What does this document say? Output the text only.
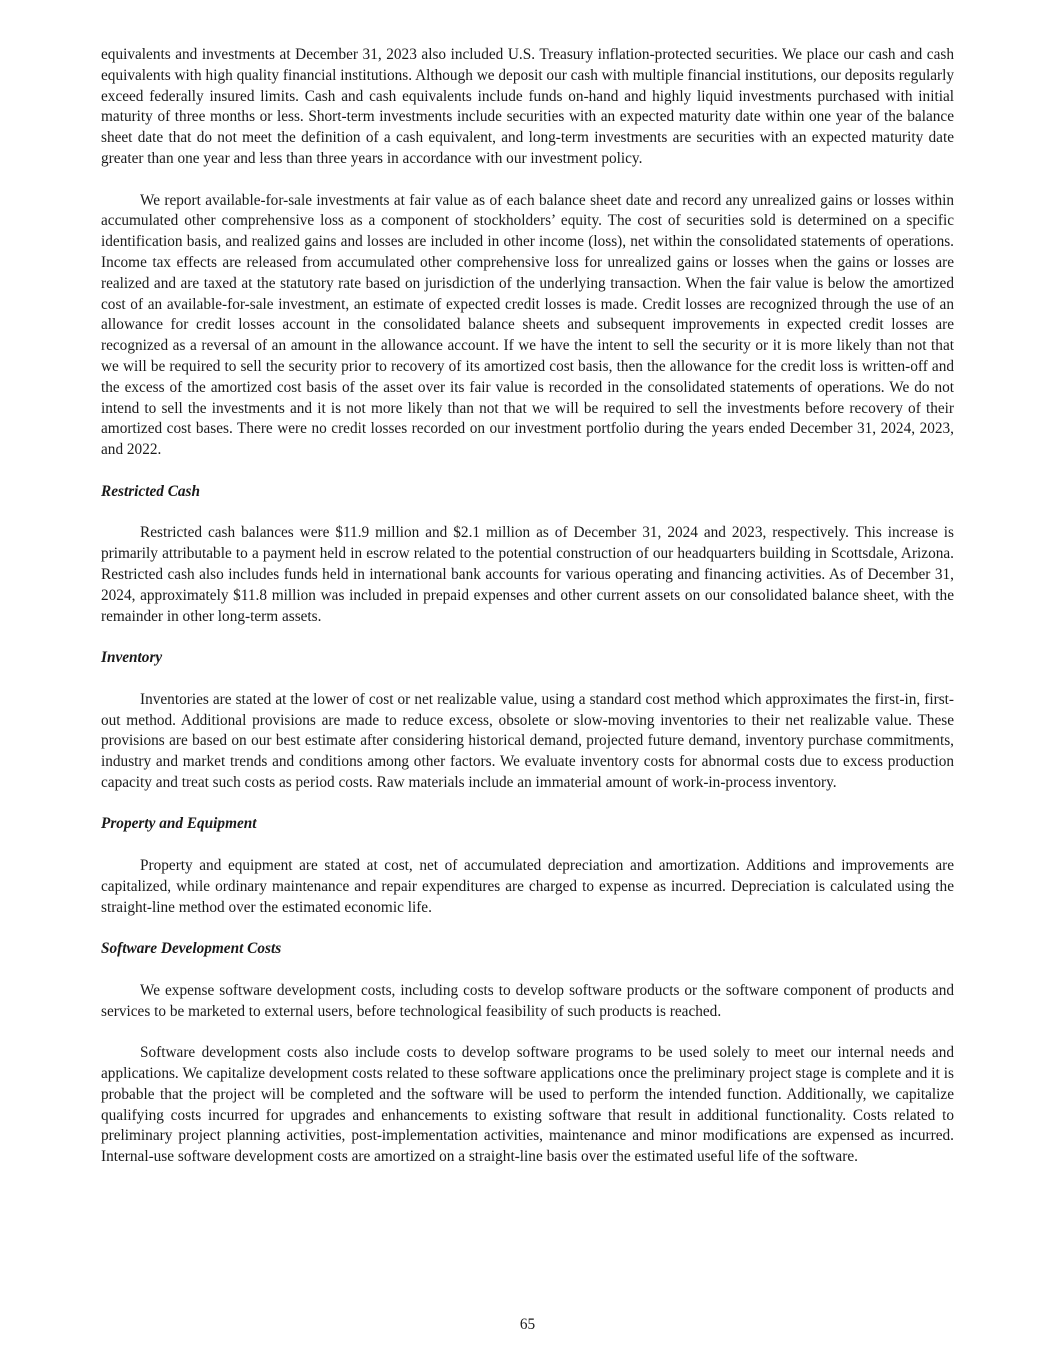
equivalents and investments at December 31, 2023 also included U.S. Treasury inflation-protected securities. We place our cash and cash equivalents with high quality financial institutions. Although we deposit our cash with multiple financial institutions, our deposits regularly exceed federally insured limits. Cash and cash equivalents include funds on-hand and highly liquid investments purchased with initial maturity of three months or less. Short-term investments include securities with an expected maturity date within one year of the balance sheet date that do not meet the definition of a cash equivalent, and long-term investments are securities with an expected maturity date greater than one year and less than three years in accordance with our investment policy.

We report available-for-sale investments at fair value as of each balance sheet date and record any unrealized gains or losses within accumulated other comprehensive loss as a component of stockholders’ equity. The cost of securities sold is determined on a specific identification basis, and realized gains and losses are included in other income (loss), net within the consolidated statements of operations. Income tax effects are released from accumulated other comprehensive loss for unrealized gains or losses when the gains or losses are realized and are taxed at the statutory rate based on jurisdiction of the underlying transaction. When the fair value is below the amortized cost of an available-for-sale investment, an estimate of expected credit losses is made. Credit losses are recognized through the use of an allowance for credit losses account in the consolidated balance sheets and subsequent improvements in expected credit losses are recognized as a reversal of an amount in the allowance account. If we have the intent to sell the security or it is more likely than not that we will be required to sell the security prior to recovery of its amortized cost basis, then the allowance for the credit loss is written-off and the excess of the amortized cost basis of the asset over its fair value is recorded in the consolidated statements of operations. We do not intend to sell the investments and it is not more likely than not that we will be required to sell the investments before recovery of their amortized cost bases. There were no credit losses recorded on our investment portfolio during the years ended December 31, 2024, 2023, and 2022.

Restricted Cash

Restricted cash balances were $11.9 million and $2.1 million as of December 31, 2024 and 2023, respectively. This increase is primarily attributable to a payment held in escrow related to the potential construction of our headquarters building in Scottsdale, Arizona. Restricted cash also includes funds held in international bank accounts for various operating and financing activities. As of December 31, 2024, approximately $11.8 million was included in prepaid expenses and other current assets on our consolidated balance sheet, with the remainder in other long-term assets.

Inventory

Inventories are stated at the lower of cost or net realizable value, using a standard cost method which approximates the first-in, first-out method. Additional provisions are made to reduce excess, obsolete or slow-moving inventories to their net realizable value. These provisions are based on our best estimate after considering historical demand, projected future demand, inventory purchase commitments, industry and market trends and conditions among other factors. We evaluate inventory costs for abnormal costs due to excess production capacity and treat such costs as period costs. Raw materials include an immaterial amount of work-in-process inventory.

Property and Equipment

Property and equipment are stated at cost, net of accumulated depreciation and amortization. Additions and improvements are capitalized, while ordinary maintenance and repair expenditures are charged to expense as incurred. Depreciation is calculated using the straight-line method over the estimated economic life.

Software Development Costs

We expense software development costs, including costs to develop software products or the software component of products and services to be marketed to external users, before technological feasibility of such products is reached.

Software development costs also include costs to develop software programs to be used solely to meet our internal needs and applications. We capitalize development costs related to these software applications once the preliminary project stage is complete and it is probable that the project will be completed and the software will be used to perform the intended function. Additionally, we capitalize qualifying costs incurred for upgrades and enhancements to existing software that result in additional functionality. Costs related to preliminary project planning activities, post-implementation activities, maintenance and minor modifications are expensed as incurred. Internal-use software development costs are amortized on a straight-line basis over the estimated useful life of the software.

65
